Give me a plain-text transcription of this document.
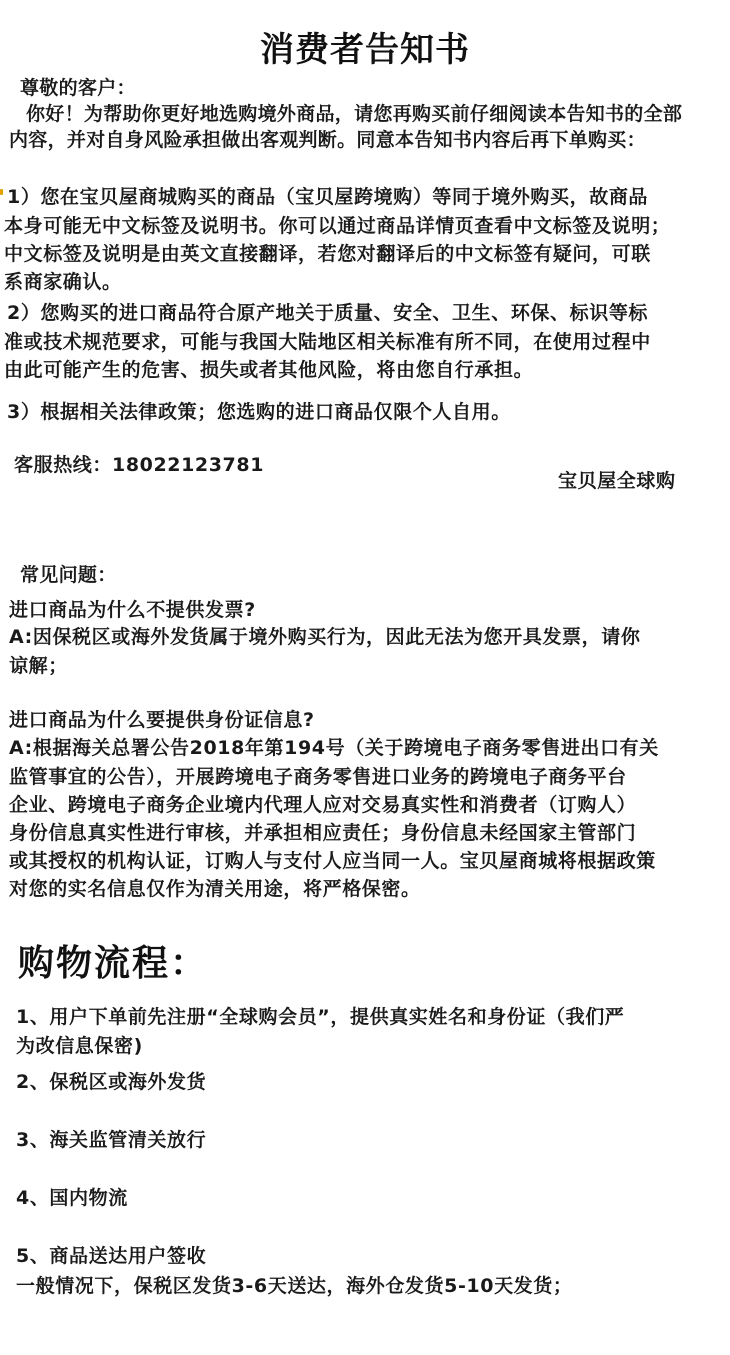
消费者告知书
尊敬的客户：
你好！为帮助你更好地选购境外商品，请您再购买前仔细阅读本告知书的全部
内容，并对自身风险承担做出客观判断。同意本告知书内容后再下单购买：
1）您在宝贝屋商城购买的商品（宝贝屋跨境购）等同于境外购买，故商品
本身可能无中文标签及说明书。你可以通过商品详情页查看中文标签及说明；
中文标签及说明是由英文直接翻译，若您对翻译后的中文标签有疑问，可联
系商家确认。
2）您购买的进口商品符合原产地关于质量、安全、卫生、环保、标识等标
准或技术规范要求，可能与我国大陆地区相关标准有所不同，在使用过程中
由此可能产生的危害、损失或者其他风险，将由您自行承担。
3）根据相关法律政策；您选购的进口商品仅限个人自用。
客服热线：18022123781
宝贝屋全球购
常见问题：
进口商品为什么不提供发票?
A:因保税区或海外发货属于境外购买行为，因此无法为您开具发票，请你
谅解；
进口商品为什么要提供身份证信息?
A:根据海关总署公告2018年第194号（关于跨境电子商务零售进出口有关
监管事宜的公告），开展跨境电子商务零售进口业务的跨境电子商务平台
企业、跨境电子商务企业境内代理人应对交易真实性和消费者（订购人）
身份信息真实性进行审核，并承担相应责任；身份信息未经国家主管部门
或其授权的机构认证，订购人与支付人应当同一人。宝贝屋商城将根据政策
对您的实名信息仅作为清关用途，将严格保密。
购物流程：
1、用户下单前先注册“全球购会员”，提供真实姓名和身份证（我们严
为改信息保密)
2、保税区或海外发货
3、海关监管清关放行
4、国内物流
5、商品送达用户签收
一般情况下，保税区发货3-6天送达，海外仓发货5-10天发货；
